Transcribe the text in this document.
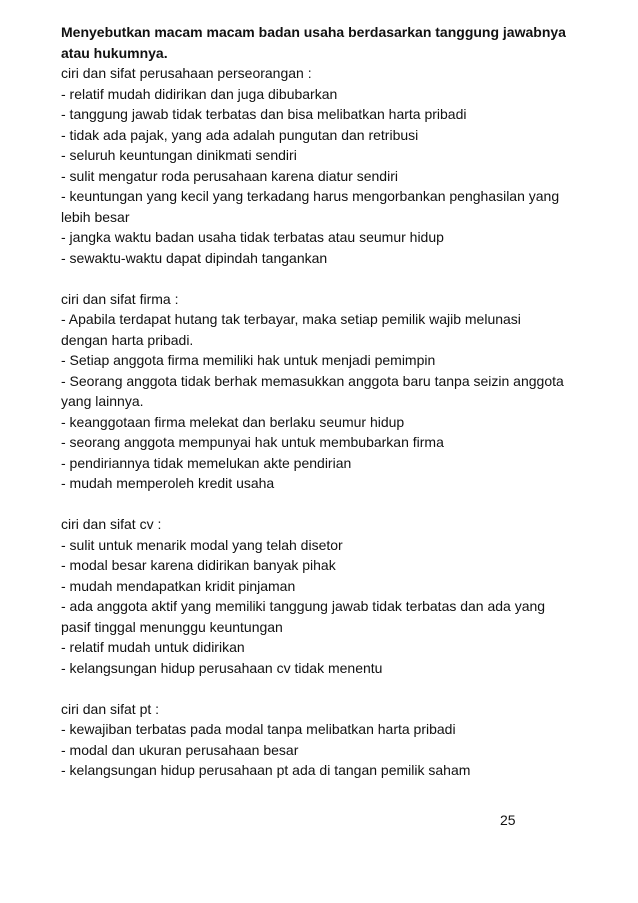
Menyebutkan macam macam badan usaha berdasarkan tanggung jawabnya
atau hukumnya.

ciri dan sifat perusahaan perseorangan :
- relatif mudah didirikan dan juga dibubarkan
- tanggung jawab tidak terbatas dan bisa melibatkan harta pribadi
- tidak ada pajak, yang ada adalah pungutan dan retribusi
- seluruh keuntungan dinikmati sendiri
- sulit mengatur roda perusahaan karena diatur sendiri
- keuntungan yang kecil yang terkadang harus mengorbankan penghasilan yang
lebih besar
- jangka waktu badan usaha tidak terbatas atau seumur hidup
- sewaktu-waktu dapat dipindah tangankan
ciri dan sifat firma :
- Apabila terdapat hutang tak terbayar, maka setiap pemilik wajib melunasi
dengan harta pribadi.
- Setiap anggota firma memiliki hak untuk menjadi pemimpin
- Seorang anggota tidak berhak memasukkan anggota baru tanpa seizin anggota
yang lainnya.
- keanggotaan firma melekat dan berlaku seumur hidup
- seorang anggota mempunyai hak untuk membubarkan firma
- pendiriannya tidak memelukan akte pendirian
- mudah memperoleh kredit usaha
ciri dan sifat cv :
- sulit untuk menarik modal yang telah disetor
- modal besar karena didirikan banyak pihak
- mudah mendapatkan kridit pinjaman
- ada anggota aktif yang memiliki tanggung jawab tidak terbatas dan ada yang
pasif tinggal menunggu keuntungan
- relatif mudah untuk didirikan
- kelangsungan hidup perusahaan cv tidak menentu
ciri dan sifat pt :
- kewajiban terbatas pada modal tanpa melibatkan harta pribadi
- modal dan ukuran perusahaan besar
- kelangsungan hidup perusahaan pt ada di tangan pemilik saham
25
